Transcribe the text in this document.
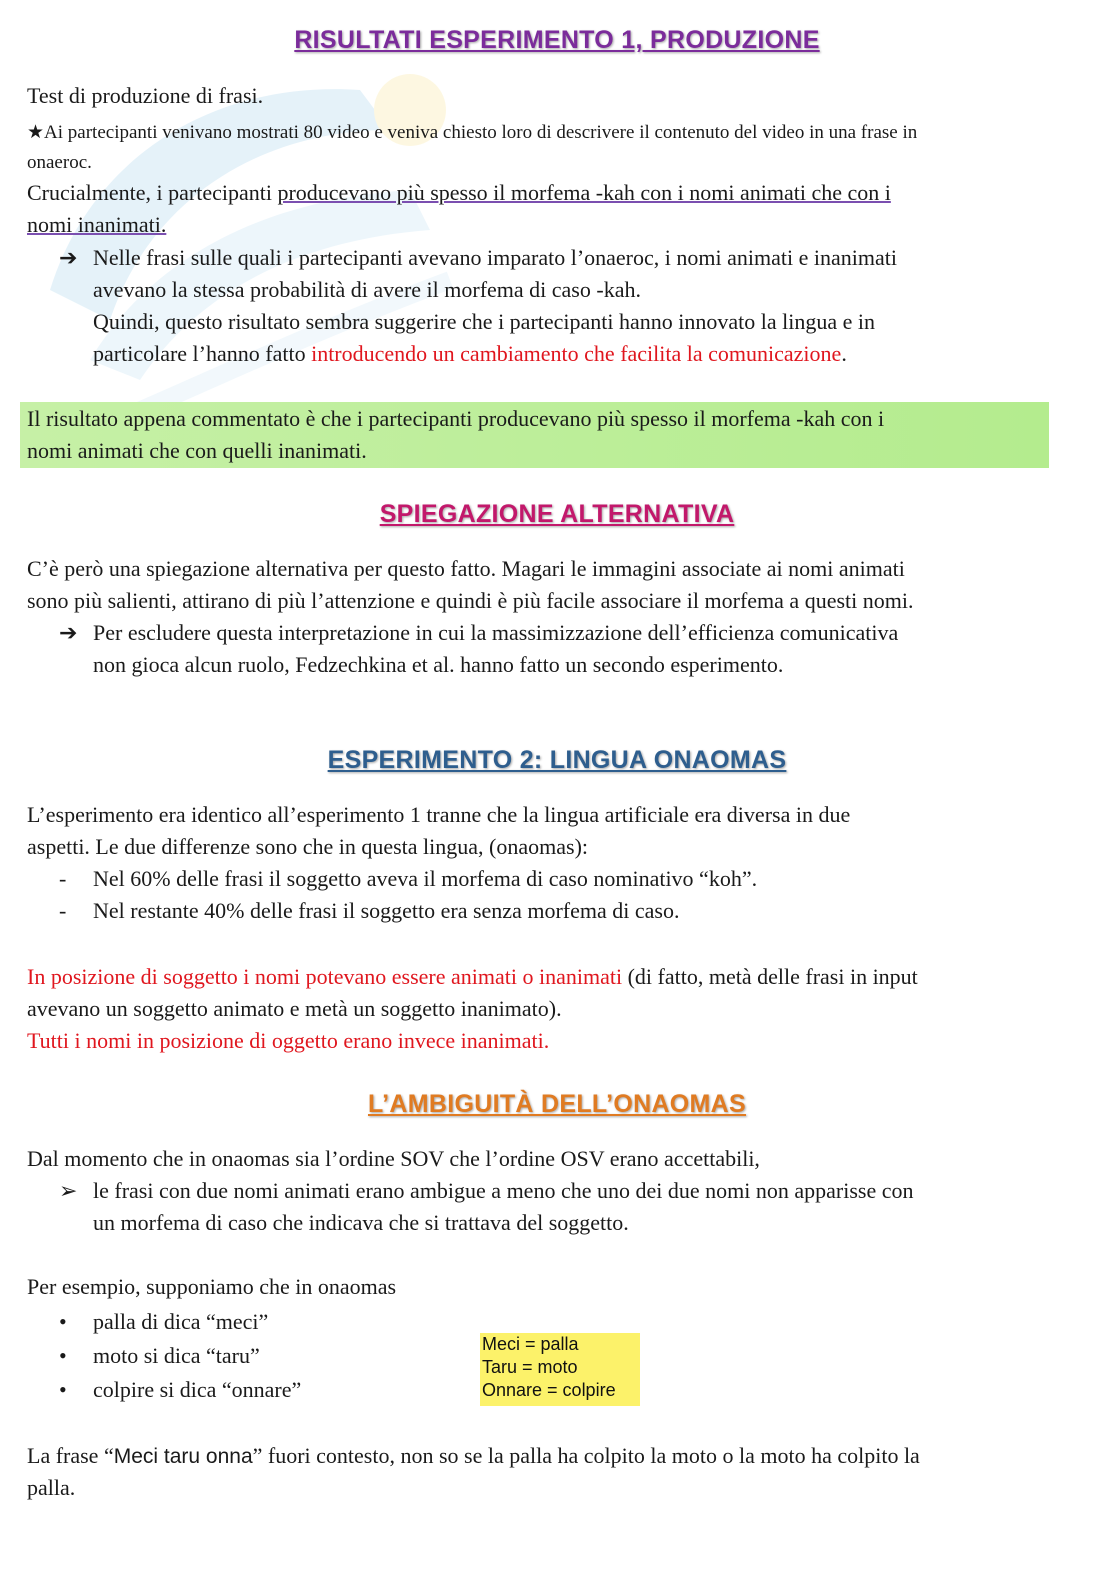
RISULTATI ESPERIMENTO 1, PRODUZIONE
Test di produzione di frasi.
★Ai partecipanti venivano mostrati 80 video e veniva chiesto loro di descrivere il contenuto del video in una frase in
onaeroc.
Crucialmente, i partecipanti producevano più spesso il morfema -kah con i nomi animati che con i
nomi inanimati.
➔ Nelle frasi sulle quali i partecipanti avevano imparato l’onaeroc, i nomi animati e inanimati
avevano la stessa probabilità di avere il morfema di caso -kah.
Quindi, questo risultato sembra suggerire che i partecipanti hanno innovato la lingua e in
particolare l’hanno fatto introducendo un cambiamento che facilita la comunicazione.
Il risultato appena commentato è che i partecipanti producevano più spesso il morfema -kah con i
nomi animati che con quelli inanimati.
SPIEGAZIONE ALTERNATIVA
C’è però una spiegazione alternativa per questo fatto. Magari le immagini associate ai nomi animati
sono più salienti, attirano di più l’attenzione e quindi è più facile associare il morfema a questi nomi.
➔ Per escludere questa interpretazione in cui la massimizzazione dell’efficienza comunicativa
non gioca alcun ruolo, Fedzechkina et al. hanno fatto un secondo esperimento.
ESPERIMENTO 2: LINGUA ONAOMAS
L’esperimento era identico all’esperimento 1 tranne che la lingua artificiale era diversa in due
aspetti. Le due differenze sono che in questa lingua, (onaomas):
-	Nel 60% delle frasi il soggetto aveva il morfema di caso nominativo “koh”.
-	Nel restante 40% delle frasi il soggetto era senza morfema di caso.
In posizione di soggetto i nomi potevano essere animati o inanimati (di fatto, metà delle frasi in input
avevano un soggetto animato e metà un soggetto inanimato).
Tutti i nomi in posizione di oggetto erano invece inanimati.
L’AMBIGUITÀ DELL’ONAOMAS
Dal momento che in onaomas sia l’ordine SOV che l’ordine OSV erano accettabili,
➢ le frasi con due nomi animati erano ambigue a meno che uno dei due nomi non apparisse con
un morfema di caso che indicava che si trattava del soggetto.
Per esempio, supponiamo che in onaomas
•	palla di dica “meci”
•	moto si dica “taru”
•	colpire si dica “onnare”
Meci = palla
Taru = moto
Onnare = colpire
La frase “Meci taru onna” fuori contesto, non so se la palla ha colpito la moto o la moto ha colpito la
palla.
